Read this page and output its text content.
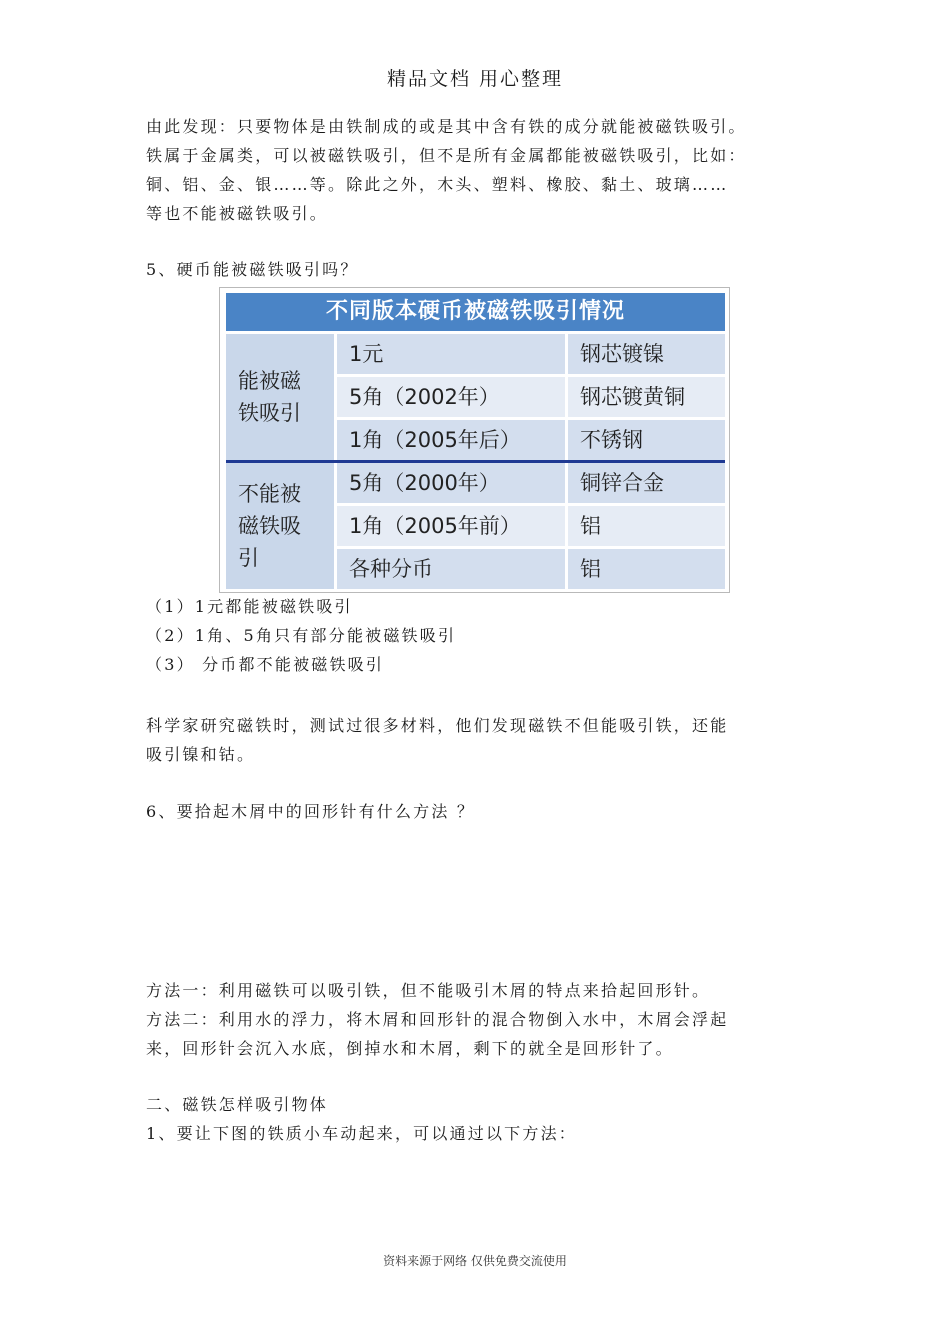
精品文档 用心整理

由此发现：只要物体是由铁制成的或是其中含有铁的成分就能被磁铁吸引。
铁属于金属类，可以被磁铁吸引，但不是所有金属都能被磁铁吸引，比如：
铜、铝、金、银……等。除此之外，木头、塑料、橡胶、黏土、玻璃……
等也不能被磁铁吸引。

5、硬币能被磁铁吸引吗？

不同版本硬币被磁铁吸引情况
能被磁
铁吸引
1元	钢芯镀镍
5角（2002年）	钢芯镀黄铜
1角（2005年后）	不锈钢
不能被
磁铁吸
引
5角（2000年）	铜锌合金
1角（2005年前）	铝
各种分币	铝

（1）1元都能被磁铁吸引
（2）1角、5角只有部分能被磁铁吸引
（3） 分币都不能被磁铁吸引

科学家研究磁铁时，测试过很多材料，他们发现磁铁不但能吸引铁，还能
吸引镍和钴。

6、要拾起木屑中的回形针有什么方法 ？

方法一：利用磁铁可以吸引铁，但不能吸引木屑的特点来拾起回形针。
方法二：利用水的浮力，将木屑和回形针的混合物倒入水中，木屑会浮起
来，回形针会沉入水底，倒掉水和木屑，剩下的就全是回形针了。

二、磁铁怎样吸引物体
1、要让下图的铁质小车动起来，可以通过以下方法：

资料来源于网络 仅供免费交流使用
